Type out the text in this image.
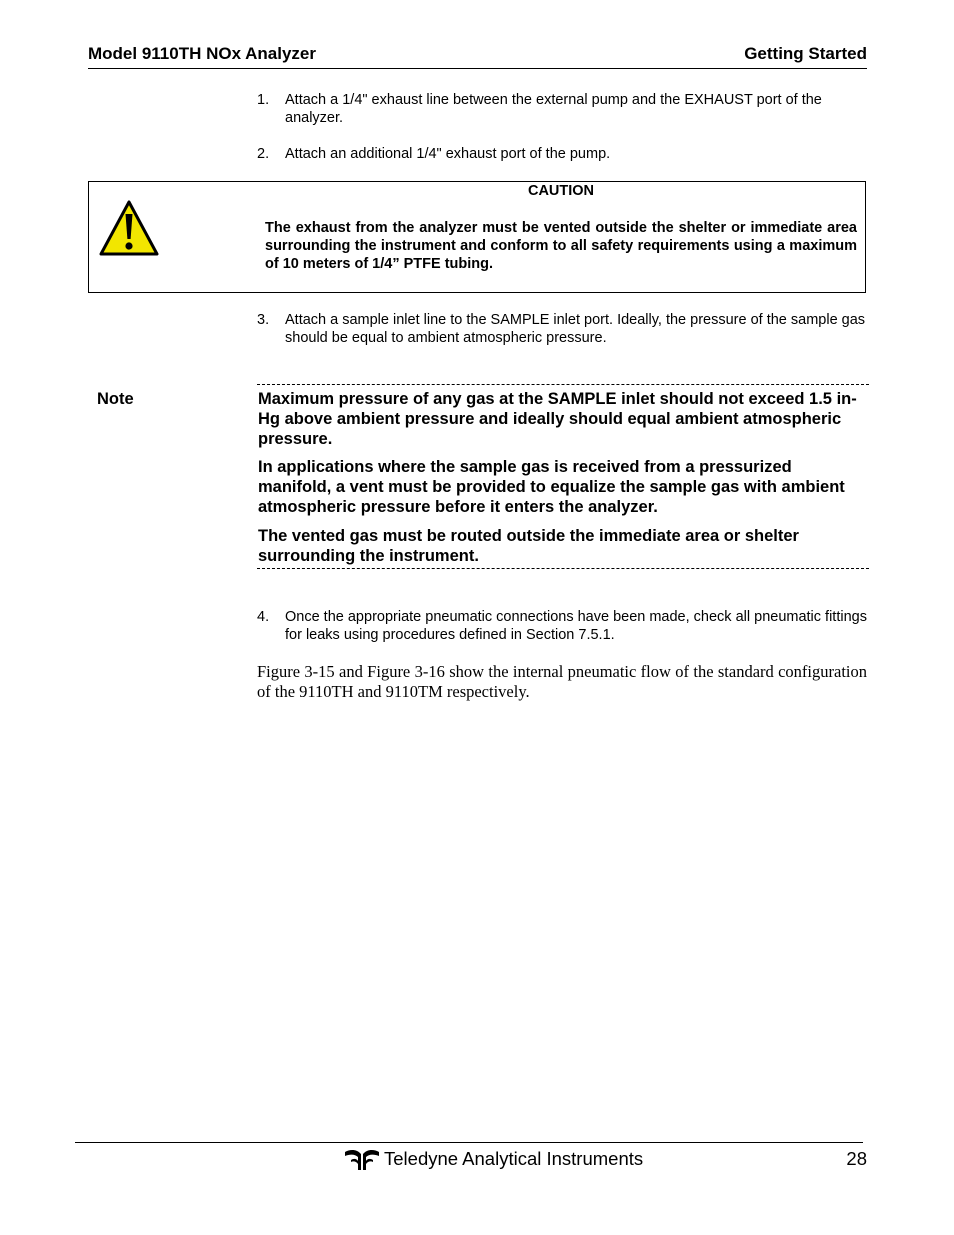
Model 9110TH NOx Analyzer	Getting Started
1.	Attach a 1/4" exhaust line between the external pump and the EXHAUST port of the analyzer.
2.	Attach an additional 1/4" exhaust port of the pump.
CAUTION
The exhaust from the analyzer must be vented outside the shelter or immediate area surrounding the instrument and conform to all safety requirements using a maximum of 10 meters of 1/4” PTFE tubing.
3.	Attach a sample inlet line to the SAMPLE inlet port. Ideally, the pressure of the sample gas should be equal to ambient atmospheric pressure.
Note	Maximum pressure of any gas at the SAMPLE inlet should not exceed 1.5 in-Hg above ambient pressure and ideally should equal ambient atmospheric pressure.
In applications where the sample gas is received from a pressurized manifold, a vent must be provided to equalize the sample gas with ambient atmospheric pressure before it enters the analyzer.
The vented gas must be routed outside the immediate area or shelter surrounding the instrument.
4.	Once the appropriate pneumatic connections have been made, check all pneumatic fittings for leaks using procedures defined in Section 7.5.1.
Figure 3-15 and Figure 3-16 show the internal pneumatic flow of the standard configuration of the 9110TH and 9110TM respectively.
Teledyne Analytical Instruments	28
